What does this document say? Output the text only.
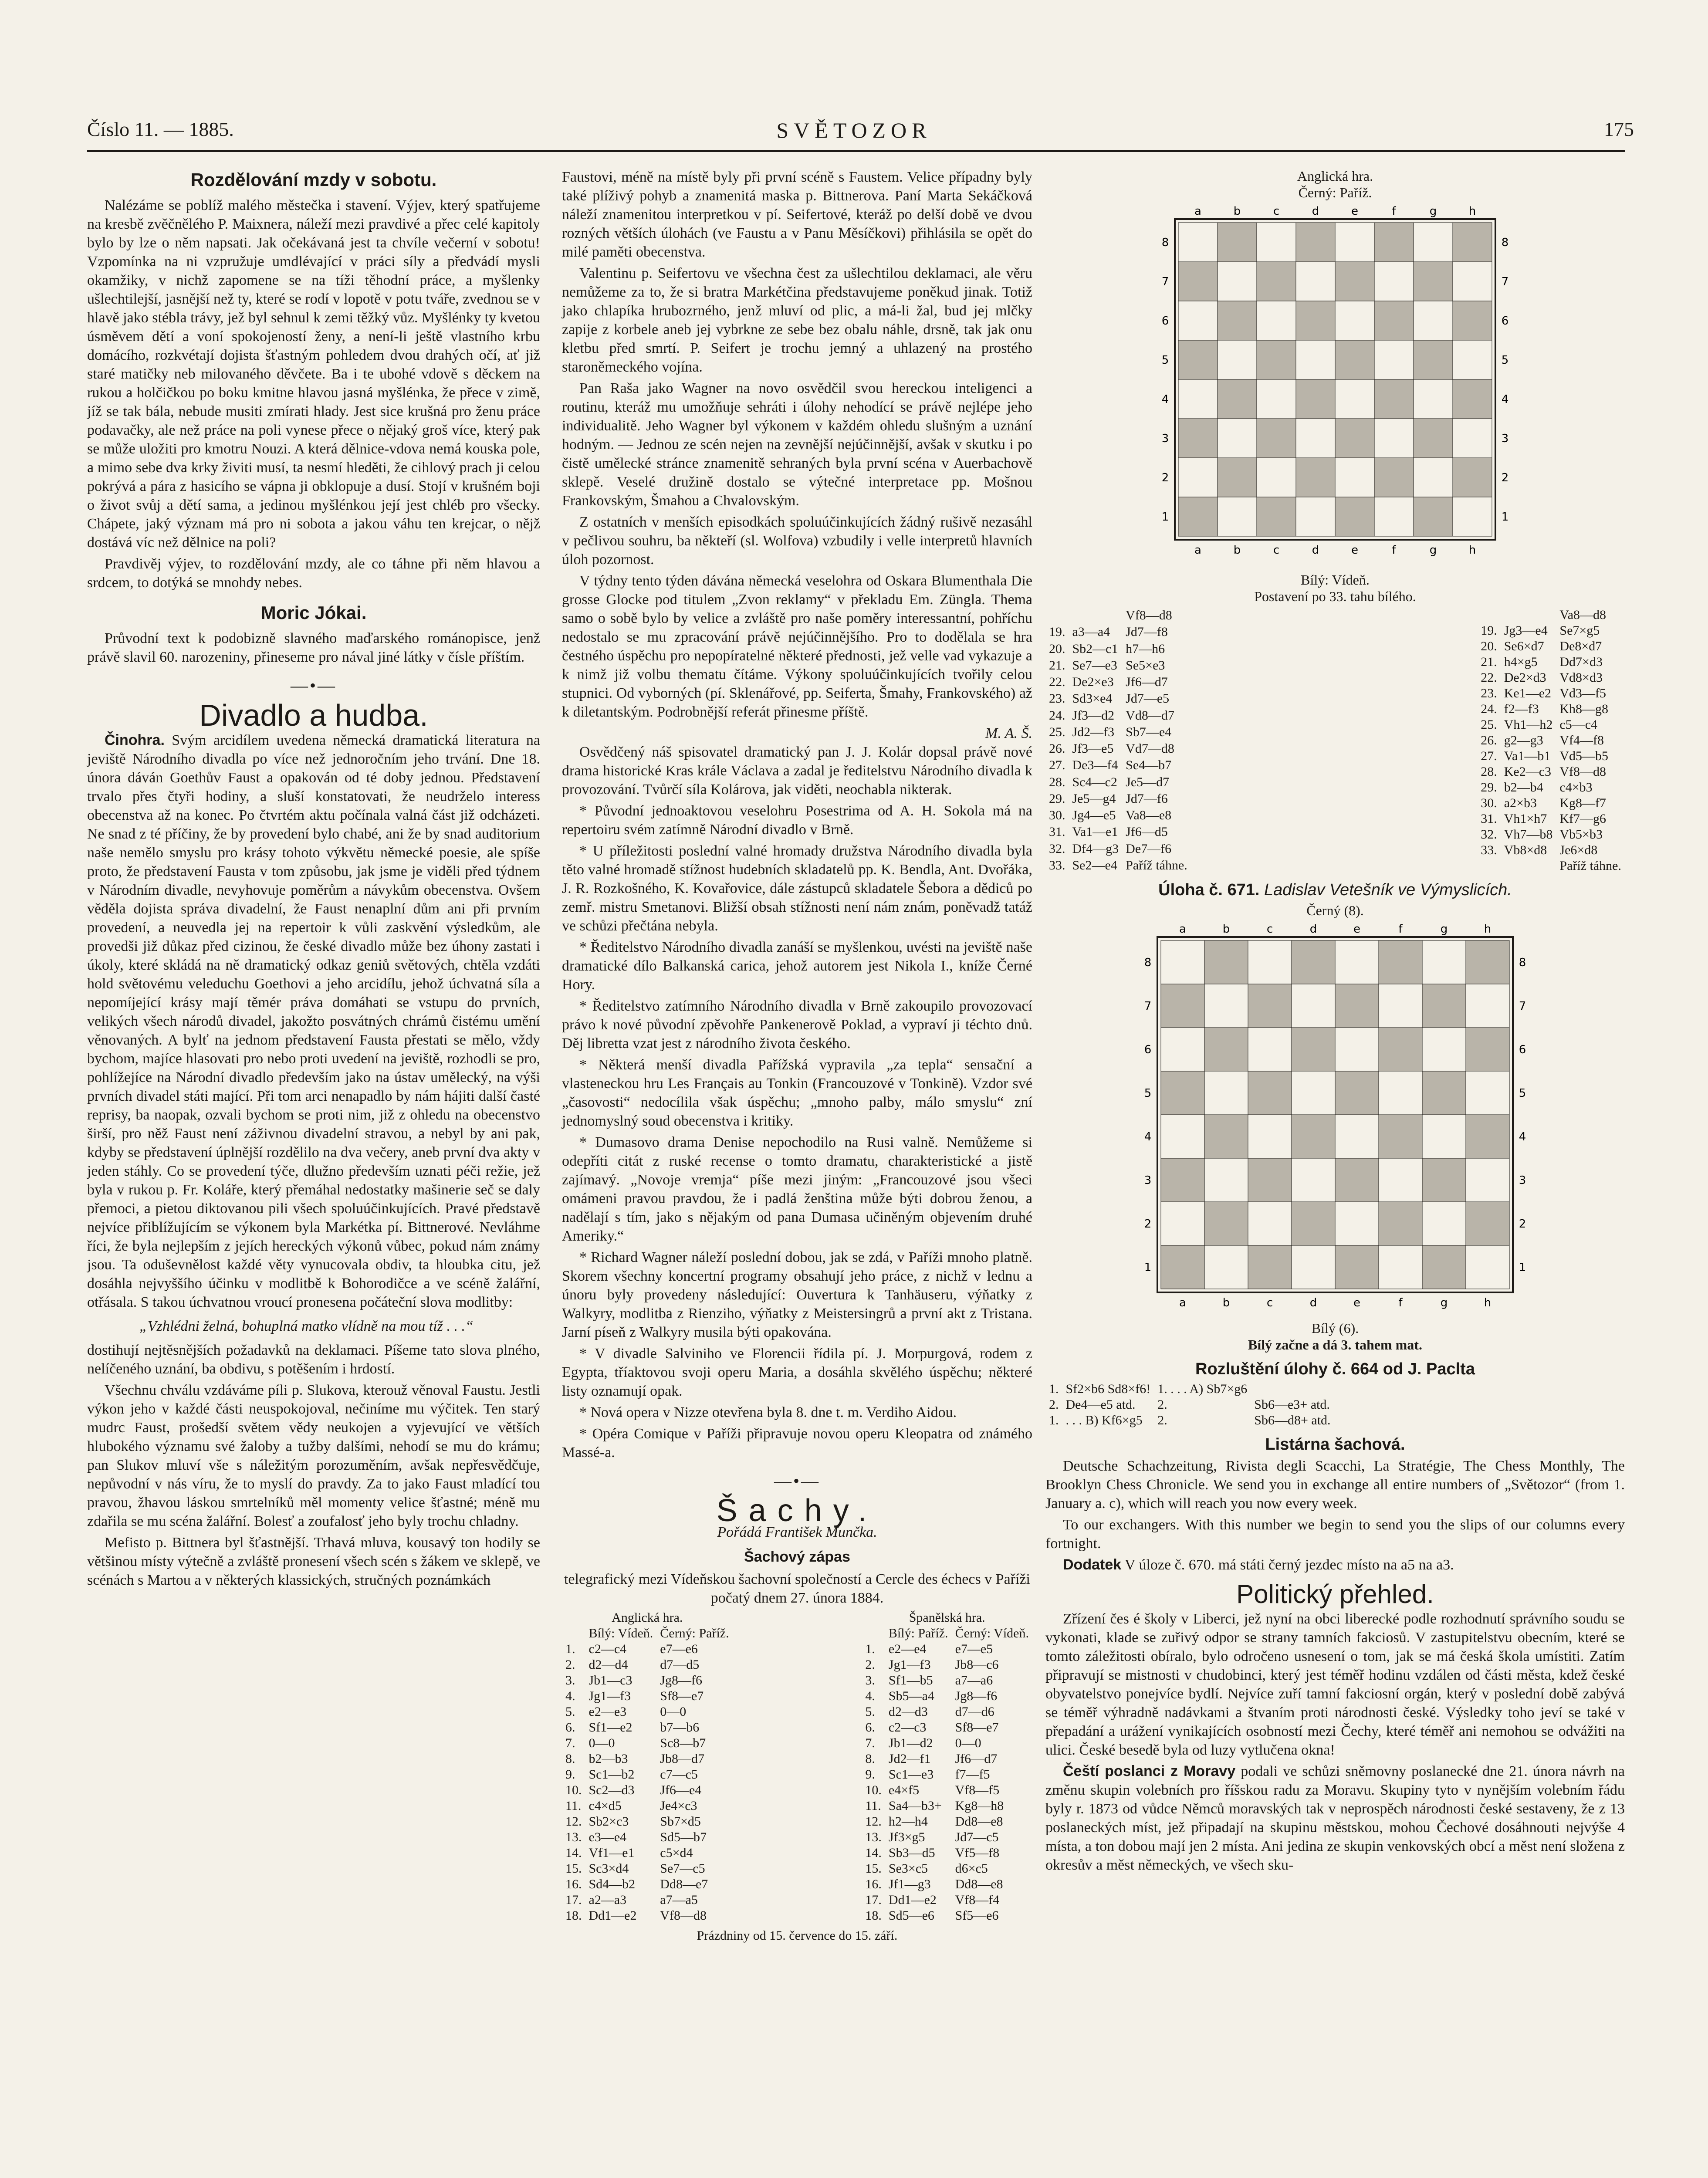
Číslo 11. — 1885.	SVĚTOZOR	175
Rozdělování mzdy v sobotu.

Nalézáme se poblíž malého městečka i stavení. Výjev, který spatřujeme na kresbě zvěčnělého P. Maixnera, náleží mezi pravdivé a přec celé kapitoly bylo by lze o něm napsati. Jak očekávaná jest ta chvíle večerní v sobotu! Vzpomínka na ni vzpružuje umdlévající v práci síly a předvádí mysli okamžiky, v nichž zapomene se na tíži těhodní práce, a myšlenky ušlechtilejší, jasnější než ty, které se rodí v lopotě v potu tváře, zvednou se v hlavě jako stébla trávy, jež byl sehnul k zemi těžký vůz. Myšlénky ty kvetou úsměvem dětí a voní spokojeností ženy, a není-li ještě vlastního krbu domácího, rozkvétají dojista šťastným pohledem dvou drahých očí, ať již staré matičky neb milovaného děvčete. Ba i te ubohé vdově s děckem na rukou a holčičkou po boku kmitne hlavou jasná myšlénka, že přece v zimě, jíž se tak bála, nebude musiti zmírati hlady. Jest sice krušná pro ženu práce podavačky, ale než práce na poli vynese přece o nějaký groš více, který pak se může uložiti pro kmotru Nouzi. A která dělnice-vdova nemá kouska pole, a mimo sebe dva krky živiti musí, ta nesmí hleděti, že cihlový prach ji celou pokrývá a pára z hasicího se vápna ji obklopuje a dusí. Stojí v krušném boji o život svůj a dětí samа, a jedinou myšlénkou její jest chléb pro všecky. Chápete, jaký význam má pro ni sobota a jakou váhu ten krejcar, o nějž dostává víc než dělnice na poli?

Pravdivěj výjev, to rozdělování mzdy, ale co táhne při něm hlavou a srdcem, to dotýká se mnohdy nebes.

Moric Jókai.

Průvodní text k podobizně slavného maďarského románopisce, jenž právě slavil 60. narozeniny, přineseme pro nával jiné látky v čísle příštím.

—•—
Divadlo a hudba.

Činohra. Svým arcidílem uvedena německá dramatická literatura na jeviště Národního divadla po více než jednoročním jeho trvání. Dne 18. února dáván Goethův Faust a opakován od té doby jednou. Představení trvalo přes čtyři hodiny, a sluší konstatovati, že neudrželo interess obecenstva až na konec. Po čtvrtém aktu počínala valná část již odcházeti. Ne snad z té příčiny, že by provedení bylo chabé, ani že by snad auditorium naše nemělo smyslu pro krásy tohoto výkvětu německé poesie, ale spíše proto, že představení Fausta v tom způsobu, jak jsme je viděli před týdnem v Národním divadle, nevyhovuje poměrům a návykům obecenstva. Ovšem věděla dojista správa divadelní, že Faust nenaplní dům ani při prvním provedení, a neuvedla jej na repertoir k vůli zaskvění výsledkům, ale provedši již důkaz před cizinou, že české divadlo může bez úhony zastati i úkoly, které skládá na ně dramatický odkaz geniů světových, chtěla vzdáti hold světovému veleduchu Goethovi a jeho arcidílu, jehož úchvatná síla a nepomíjející krásy mají těmér práva domáhati se vstupu do prvních, velikých všech národů divadel, jakožto posvátných chrámů čistému umění věnovaných. A bylť na jednom představení Fausta přestati se mělo, vždy bychom, majíce hlasovati pro nebo proti uvedení na jeviště, rozhodli se pro, pohlížejíce na Národní divadlo především jako na ústav umělecký, na výši prvních divadel státi mající. Při tom arci nenapadlo by nám hájiti další časté reprisy, ba naopak, ozvali bychom se proti nim, již z ohledu na obecenstvo širší, pro něž Faust není záživnou divadelní stravou, a nebyl by ani pak, kdyby se představení úplnější rozdělilo na dva večery, aneb první dva akty v jeden stáhly. Co se provedení týče, dlužno především uznati péči režie, jež byla v rukou p. Fr. Koláře, který přemáhal nedostatky mašinerie seč se daly přemoci, a pietou diktovanou pili všech spoluúčinkujících. Pravé představě nejvíce přiblížujícím se výkonem byla Markétka pí. Bittnerové. Nevláhme říci, že byla nejlepším z jejích hereckých výkonů vůbec, pokud nám známy jsou. Ta oduševnělost každé věty vynucovala obdiv, ta hloubka citu, jež dosáhla nejvyššího účinku v modlitbě k Bohorodičce a ve scéně žalářní, otřásala. S takou úchvatnou vroucí pronesena počáteční slova modlitby:

„Vzhlédni želná, bohuplná matko vlídně na mou tíž . . .“

dostihují nejtěsnějších požadavků na deklamaci. Píšeme tato slova plného, nelíčeného uznání, ba obdivu, s potěšením i hrdostí.

Všechnu chválu vzdáváme píli p. Slukova, kterouž věnoval Faustu. Jestli výkon jeho v každé části neuspokojoval, nečiníme mu výčitek. Ten starý mudrc Faust, prošedší světem vědy neukojen a vyjevující ve větších hlubokého významu své žaloby a tužby dalšími, nehodí se mu do krámu; pan Slukov mluví vše s náležitým porozuměním, avšak nepřesvědčuje, nepůvodní v nás víru, že to myslí do pravdy. Za to jako Faust mladící tou pravou, žhavou láskou smrtelníků měl momenty velice šťastné; méně mu zdařila se mu scéna žalářní. Bolesť a zoufalosť jeho byly trochu chladny.

Mefisto p. Bittnera byl šťastnější. Trhavá mluva, kousavý ton hodily se většinou místy výtečně a zvláště pronesení všech scén s žákem ve sklepě, ve scénách s Martou a v některých klassických, stručných poznámkách

Faustovi, méně na místě byly při první scéně s Faustem. Velice případny byly také plíživý pohyb a znamenitá maska p. Bittnerova. Paní Marta Sekáčková náleží znamenitou interpretkou v pí. Seifertové, kteráž po delší době ve dvou rozných větších úlohách (ve Faustu a v Panu Měsíčkovi) přihlásila se opět do milé paměti obecenstva.

Valentinu p. Seifertovu ve všechna čest za ušlechtilou deklamaci, ale věru nemůžeme za to, že si bratra Markétčina představujeme poněkud jinak. Totiž jako chlapíka hrubozrného, jenž mluví od plic, a má-li žal, bud jej mlčky zapije z korbele aneb jej vybrkne ze sebe bez obalu náhle, drsně, tak jak onu kletbu před smrtí. P. Seifert je trochu jemný a uhlazený na prostého staroněmeckého vojína.

Pan Raša jako Wagner na novo osvědčil svou hereckou inteligenci a routinu, kteráž mu umožňuje sehráti i úlohy nehodící se právě nejlépe jeho individualitě. Jeho Wagner byl výkonem v každém ohledu slušným a uznání hodným. — Jednou ze scén nejen na zevnější nejúčinnější, avšak v skutku i po čistě umělecké stránce znamenitě sehraných byla první scéna v Auerbachově sklepě. Veselé družině dostalo se výtečné interpretace pp. Mošnou Frankovským, Šmahou a Chvalovským.

Z ostatních v menších episodkách spoluúčinkujících žádný rušivě nezasáhl v pečlivou souhru, ba někteří (sl. Wolfova) vzbudily i velle interpretů hlavních úloh pozornost.

V týdny tento týden dávána německá veselohra od Oskara Blumenthala Die grosse Glocke pod titulem „Zvon reklamy“ v překladu Em. Züngla. Thema samo o sobě bylo by velice a zvláště pro naše poměry interessantní, pohříchu nedostalo se mu zpracování právě nejúčinnějšího. Pro to dodělala se hra čestného úspěchu pro nepopíratelné některé přednosti, jež velle vad vykazuje a k nimž již volbu thematu čítáme. Výkony spoluúčinkujících tvořily celou stupnici. Od vyborných (pí. Sklenářové, pp. Seiferta, Šmahy, Frankovského) až k diletantským. Podrobnější referát přinesme příště.

M. A. Š.

Osvědčený náš spisovatel dramatický pan J. J. Kolár dopsal právě nové drama historické Kras krále Václava a zadal je ředitelstvu Národního divadla k provozování. Tvůrčí síla Kolárova, jak viděti, neochabla nikterak.

* Původní jednoaktovou veselohru Posestrima od A. H. Sokola má na repertoiru svém zatímně Národní divadlo v Brně.

* U příležitosti poslední valné hromady družstva Národního divadla byla těto valné hromadě stížnost hudebních skladatelů pp. K. Bendla, Ant. Dvořáka, J. R. Rozkošného, K. Kovařovice, dále zástupců skladatele Šebora a dědiců po zemř. mistru Smetanovi. Bližší obsah stížnosti není nám znám, poněvadž tatáž ve schůzi přečtána nebyla.

* Ředitelstvo Národního divadla zanáší se myšlenkou, uvésti na jeviště naše dramatické dílo Balkanská carica, jehož autorem jest Nikola I., kníže Černé Hory.

* Ředitelstvo zatímního Národního divadla v Brně zakoupilo provozovací právo k nové původní zpěvohře Pankenerově Poklad, a vypraví ji téchto dnů. Děj libretta vzat jest z národního života českého.

* Některá menší divadla Pařížská vypravila „za tepla“ sensační a vlasteneckou hru Les Français au Tonkin (Francouzové v Tonkině). Vzdor své „časovosti“ nedocílila však úspěchu; „mnoho palby, málo smyslu“ zní jednomyslný soud obecenstva i kritiky.

* Dumasovo drama Denise nepochodilo na Rusi valně. Nemůžeme si odepříti citát z ruské recense o tomto dramatu, charakteristické a jistě zajímavý. „Novoje vremja“ píše mezi jiným: „Francouzové jsou všeci omámeni pravou pravdou, že i padlá ženština může býti dobrou ženou, a nadělají s tím, jako s nějakým od pana Dumasa učiněným objevením druhé Ameriky.“

* Richard Wagner náleží poslední dobou, jak se zdá, v Paříži mnoho platně. Skorem všechny koncertní programy obsahují jeho práce, z nichž v lednu a únoru byly provedeny následující: Ouvertura k Tanhäuseru, výňatky z Walkyry, modlitba z Rienziho, výňatky z Meistersingrů a první akt z Tristana. Jarní píseň z Walkyry musila býti opakována.

* V divadle Salviniho ve Florencii řídila pí. J. Morpurgová, rodem z Egypta, tříaktovou svoji operu Maria, a dosáhla skvělého úspěchu; některé listy oznamují opak.

* Nová opera v Nizze otevřena byla 8. dne t. m. Verdiho Aidou.

* Opéra Comique v Paříži připravuje novou operu Kleopatra od známého Massé-a.

—•—
Šachy.
Pořádá František Munčka.
Šachový zápas

telegrafický mezi Vídeňskou šachovní společností a Cercle des échecs v Paříži počatý dnem 27. února 1884.

Anglická hra.
	Bílý: Vídeň.	Černý: Paříž.
1.	c2—c4	e7—e6
2.	d2—d4	d7—d5
3.	Jb1—c3	Jg8—f6
4.	Jg1—f3	Sf8—e7
5.	e2—e3	0—0
6.	Sf1—e2	b7—b6
7.	0—0	Sc8—b7
8.	b2—b3	Jb8—d7
9.	Sc1—b2	c7—c5
10.	Sc2—d3	Jf6—e4
11.	c4×d5	Je4×c3
12.	Sb2×c3	Sb7×d5
13.	e3—e4	Sd5—b7
14.	Vf1—e1	c5×d4
15.	Sc3×d4	Se7—c5
16.	Sd4—b2	Dd8—e7
17.	a2—a3	a7—a5
18.	Dd1—e2	Vf8—d8
Španělská hra.
	Bílý: Paříž.	Černý: Vídeň.
1.	e2—e4	e7—e5
2.	Jg1—f3	Jb8—c6
3.	Sf1—b5	a7—a6
4.	Sb5—a4	Jg8—f6
5.	d2—d3	d7—d6
6.	c2—c3	Sf8—e7
7.	Jb1—d2	0—0
8.	Jd2—f1	Jf6—d7
9.	Sc1—e3	f7—f5
10.	e4×f5	Vf8—f5
11.	Sa4—b3+	Kg8—h8
12.	h2—h4	Dd8—e8
13.	Jf3×g5	Jd7—c5
14.	Sb3—d5	Vf5—f8
15.	Se3×c5	d6×c5
16.	Jf1—g3	Dd8—e8
17.	Dd1—e2	Vf8—f4
18.	Sd5—e6	Sf5—e6
Prázdniny od 15. července do 15. září.
Anglická hra.
Černý: Paříž.
a
a
b
b
c
c
d
d
e
e
f
f
g
g
h
h
8	8
7	7
6	6
5	5
4	4
3	3
2	2
1	1
Bílý: Vídeň.
Postavení po 33. tahu bílého.
		Vf8—d8
19.	a3—a4	Jd7—f8
20.	Sb2—c1	h7—h6
21.	Se7—e3	Se5×e3
22.	De2×e3	Jf6—d7
23.	Sd3×e4	Jd7—e5
24.	Jf3—d2	Vd8—d7
25.	Jd2—f3	Sb7—e4
26.	Jf3—e5	Vd7—d8
27.	De3—f4	Se4—b7
28.	Sc4—c2	Je5—d7
29.	Je5—g4	Jd7—f6
30.	Jg4—e5	Va8—e8
31.	Va1—e1	Jf6—d5
32.	Df4—g3	De7—f6
33.	Se2—e4	Paříž táhne.
		Va8—d8
19.	Jg3—e4	Se7×g5
20.	Se6×d7	De8×d7
21.	h4×g5	Dd7×d3
22.	De2×d3	Vd8×d3
23.	Ke1—e2	Vd3—f5
24.	f2—f3	Kh8—g8
25.	Vh1—h2	c5—c4
26.	g2—g3	Vf4—f8
27.	Va1—b1	Vd5—b5
28.	Ke2—c3	Vf8—d8
29.	b2—b4	c4×b3
30.	a2×b3	Kg8—f7
31.	Vh1×h7	Kf7—g6
32.	Vh7—b8	Vb5×b3
33.	Vb8×d8	Je6×d8
		Paříž táhne.
Úloha č. 671. Ladislav Vetešník ve Výmyslicích.
Černý (8).
a
a
b
b
c
c
d
d
e
e
f
f
g
g
h
h
8	8
7	7
6	6
5	5
4	4
3	3
2	2
1	1
Bílý (6).
Bílý začne a dá 3. tahem mat.
Rozluštění úlohy č. 664 od J. Paclta
1.	Sf2×b6 Sd8×f6!	1. . . . A) Sb7×g6	
2.	De4—e5 atd.	2.	Sb6—e3+ atd.
1.	. . . B) Kf6×g5	2.	Sb6—d8+ atd.
Listárna šachová.

Deutsche Schachzeitung, Rivista degli Scacchi, La Stratégie, The Chess Monthly, The Brooklyn Chess Chronicle. We send you in exchange all entire numbers of „Světozor“ (from 1. January a. c), which will reach you now every week.

To our exchangers. With this number we begin to send you the slips of our columns every fortnight.

Dodatek V úloze č. 670. má státi černý jezdec místo na a5 na a3.

Politický přehled.

Zřízení čes é školy v Liberci, jež nyní na obci liberecké podle rozhodnutí správního soudu se vykonati, klade se zuřivý odpor se strany tamních fakciosů. V zastupitelstvu obecním, které se tomto záležitosti obíralo, bylo odročeno usnesení o tom, jak se má česká škola umístiti. Zatím připravují se mistnosti v chudobinci, který jest téměř hodinu vzdálen od části města, kdež české obyvatelstvo ponejvíce bydlí. Nejvíce zuří tamní fakciosní orgán, který v poslední době zabývá se téměř výhradně nadávkami a štvaním proti národnosti české. Výsledky toho jeví se také v přepadání a urážení vynikajících osobností mezi Čechy, které téměř ani nemohou se odvážiti na ulici. České besedě byla od luzy vytlučena okna!

Čeští poslanci z Moravy podali ve schůzi sněmovny poslanecké dne 21. února návrh na změnu skupin volebních pro říšskou radu za Moravu. Skupiny tyto v nynějším volebním řádu byly r. 1873 od vůdce Němců moravských tak v neprospěch národnosti české sestaveny, že z 13 poslaneckých míst, jež připadají na skupinu městskou, mohou Čechové dosáhnouti nejvýše 4 místa, a ton dobou mají jen 2 místa. Ani jedina ze skupin venkovských obcí a měst není složena z okresův a měst německých, ve všech sku-
